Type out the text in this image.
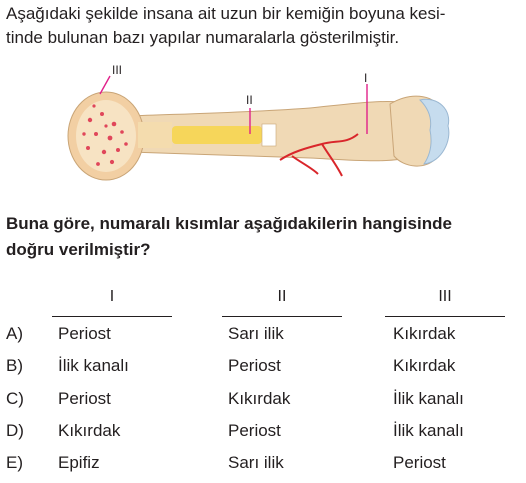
Aşağıdaki şekilde insana ait uzun bir kemiğin boyuna kesi-
tinde bulunan bazı yapılar numaralarla gösterilmiştir.
III
II
I
Buna göre, numaralı kısımlar aşağıdakilerin hangisinde
doğru verilmiştir?
I	II	III
A) Periost	Sarı ilik	Kıkırdak
B) İlik kanalı	Periost	Kıkırdak
C) Periost	Kıkırdak	İlik kanalı
D) Kıkırdak	Periost	İlik kanalı
E) Epifiz	Sarı ilik	Periost
